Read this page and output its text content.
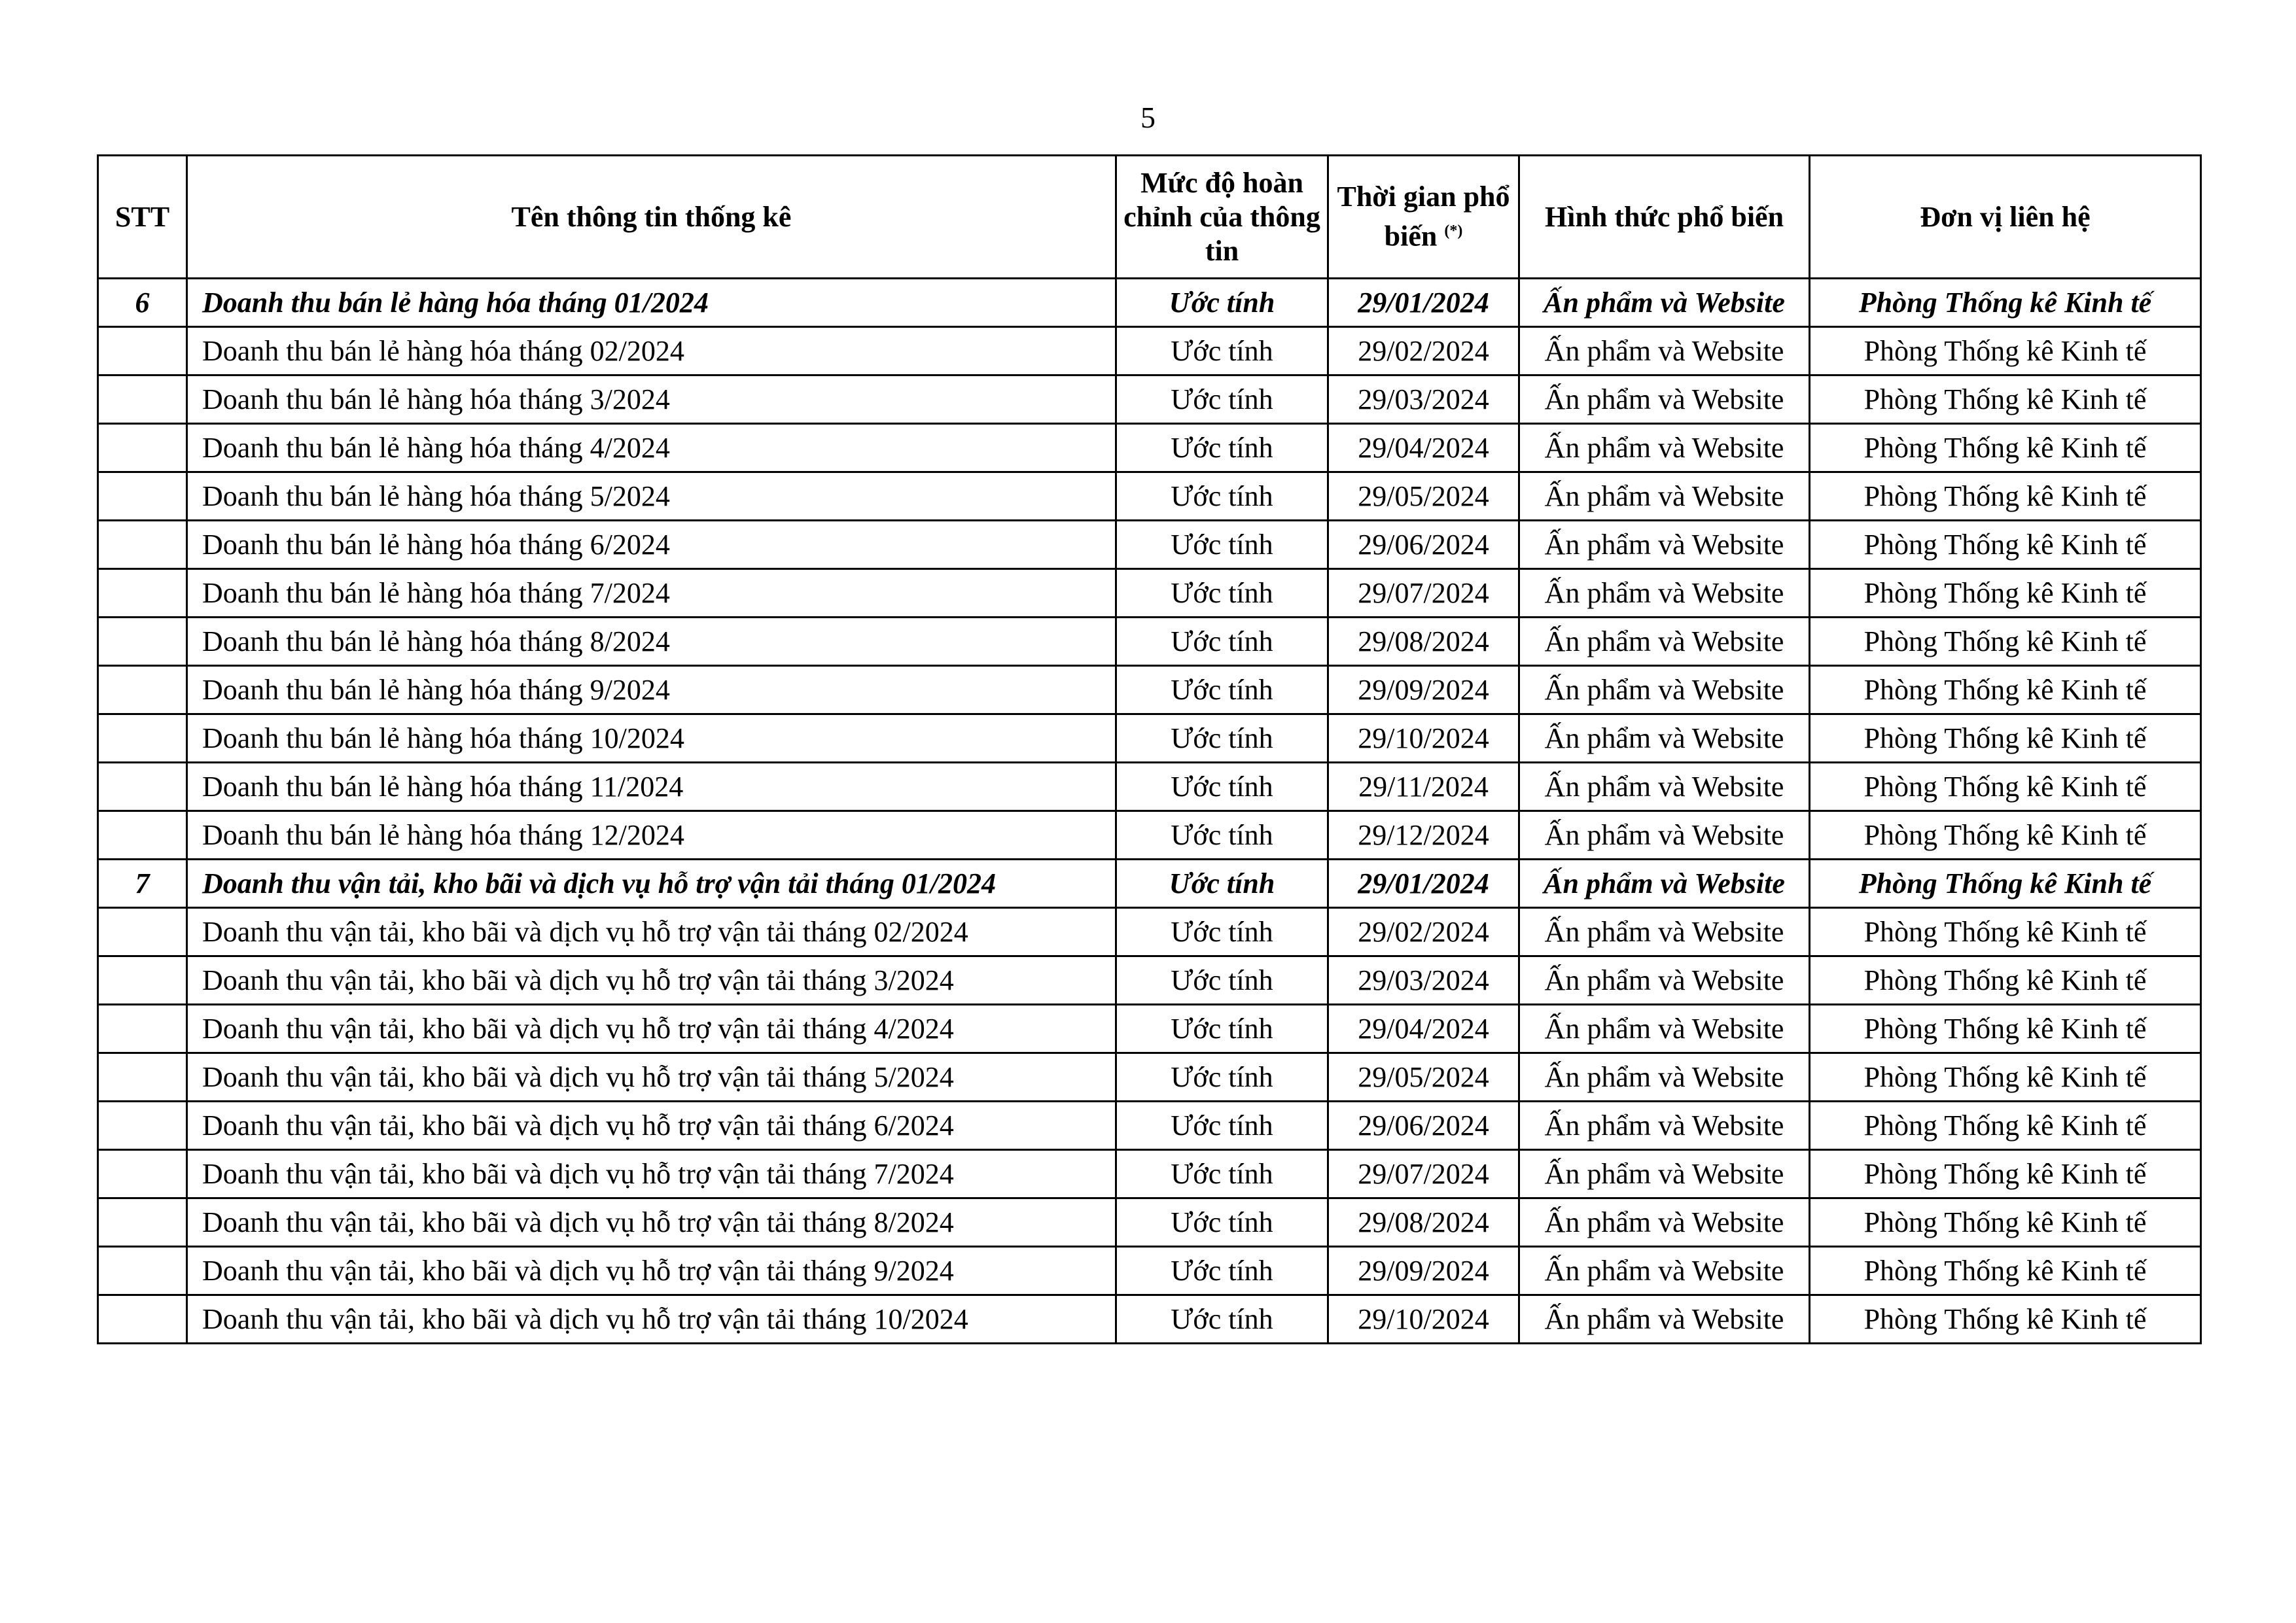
5
STT	Tên thông tin thống kê	Mức độ hoàn chỉnh của thông tin	Thời gian phổ biến (*)	Hình thức phổ biến	Đơn vị liên hệ
6	Doanh thu bán lẻ hàng hóa tháng 01/2024	Ước tính	29/01/2024	Ấn phẩm và Website	Phòng Thống kê Kinh tế
	Doanh thu bán lẻ hàng hóa tháng 02/2024	Ước tính	29/02/2024	Ấn phẩm và Website	Phòng Thống kê Kinh tế
	Doanh thu bán lẻ hàng hóa tháng 3/2024	Ước tính	29/03/2024	Ấn phẩm và Website	Phòng Thống kê Kinh tế
	Doanh thu bán lẻ hàng hóa tháng 4/2024	Ước tính	29/04/2024	Ấn phẩm và Website	Phòng Thống kê Kinh tế
	Doanh thu bán lẻ hàng hóa tháng 5/2024	Ước tính	29/05/2024	Ấn phẩm và Website	Phòng Thống kê Kinh tế
	Doanh thu bán lẻ hàng hóa tháng 6/2024	Ước tính	29/06/2024	Ấn phẩm và Website	Phòng Thống kê Kinh tế
	Doanh thu bán lẻ hàng hóa tháng 7/2024	Ước tính	29/07/2024	Ấn phẩm và Website	Phòng Thống kê Kinh tế
	Doanh thu bán lẻ hàng hóa tháng 8/2024	Ước tính	29/08/2024	Ấn phẩm và Website	Phòng Thống kê Kinh tế
	Doanh thu bán lẻ hàng hóa tháng 9/2024	Ước tính	29/09/2024	Ấn phẩm và Website	Phòng Thống kê Kinh tế
	Doanh thu bán lẻ hàng hóa tháng 10/2024	Ước tính	29/10/2024	Ấn phẩm và Website	Phòng Thống kê Kinh tế
	Doanh thu bán lẻ hàng hóa tháng 11/2024	Ước tính	29/11/2024	Ấn phẩm và Website	Phòng Thống kê Kinh tế
	Doanh thu bán lẻ hàng hóa tháng 12/2024	Ước tính	29/12/2024	Ấn phẩm và Website	Phòng Thống kê Kinh tế
7	Doanh thu vận tải, kho bãi và dịch vụ hỗ trợ vận tải tháng 01/2024	Ước tính	29/01/2024	Ấn phẩm và Website	Phòng Thống kê Kinh tế
	Doanh thu vận tải, kho bãi và dịch vụ hỗ trợ vận tải tháng 02/2024	Ước tính	29/02/2024	Ấn phẩm và Website	Phòng Thống kê Kinh tế
	Doanh thu vận tải, kho bãi và dịch vụ hỗ trợ vận tải tháng 3/2024	Ước tính	29/03/2024	Ấn phẩm và Website	Phòng Thống kê Kinh tế
	Doanh thu vận tải, kho bãi và dịch vụ hỗ trợ vận tải tháng 4/2024	Ước tính	29/04/2024	Ấn phẩm và Website	Phòng Thống kê Kinh tế
	Doanh thu vận tải, kho bãi và dịch vụ hỗ trợ vận tải tháng 5/2024	Ước tính	29/05/2024	Ấn phẩm và Website	Phòng Thống kê Kinh tế
	Doanh thu vận tải, kho bãi và dịch vụ hỗ trợ vận tải tháng 6/2024	Ước tính	29/06/2024	Ấn phẩm và Website	Phòng Thống kê Kinh tế
	Doanh thu vận tải, kho bãi và dịch vụ hỗ trợ vận tải tháng 7/2024	Ước tính	29/07/2024	Ấn phẩm và Website	Phòng Thống kê Kinh tế
	Doanh thu vận tải, kho bãi và dịch vụ hỗ trợ vận tải tháng 8/2024	Ước tính	29/08/2024	Ấn phẩm và Website	Phòng Thống kê Kinh tế
	Doanh thu vận tải, kho bãi và dịch vụ hỗ trợ vận tải tháng 9/2024	Ước tính	29/09/2024	Ấn phẩm và Website	Phòng Thống kê Kinh tế
	Doanh thu vận tải, kho bãi và dịch vụ hỗ trợ vận tải tháng 10/2024	Ước tính	29/10/2024	Ấn phẩm và Website	Phòng Thống kê Kinh tế
